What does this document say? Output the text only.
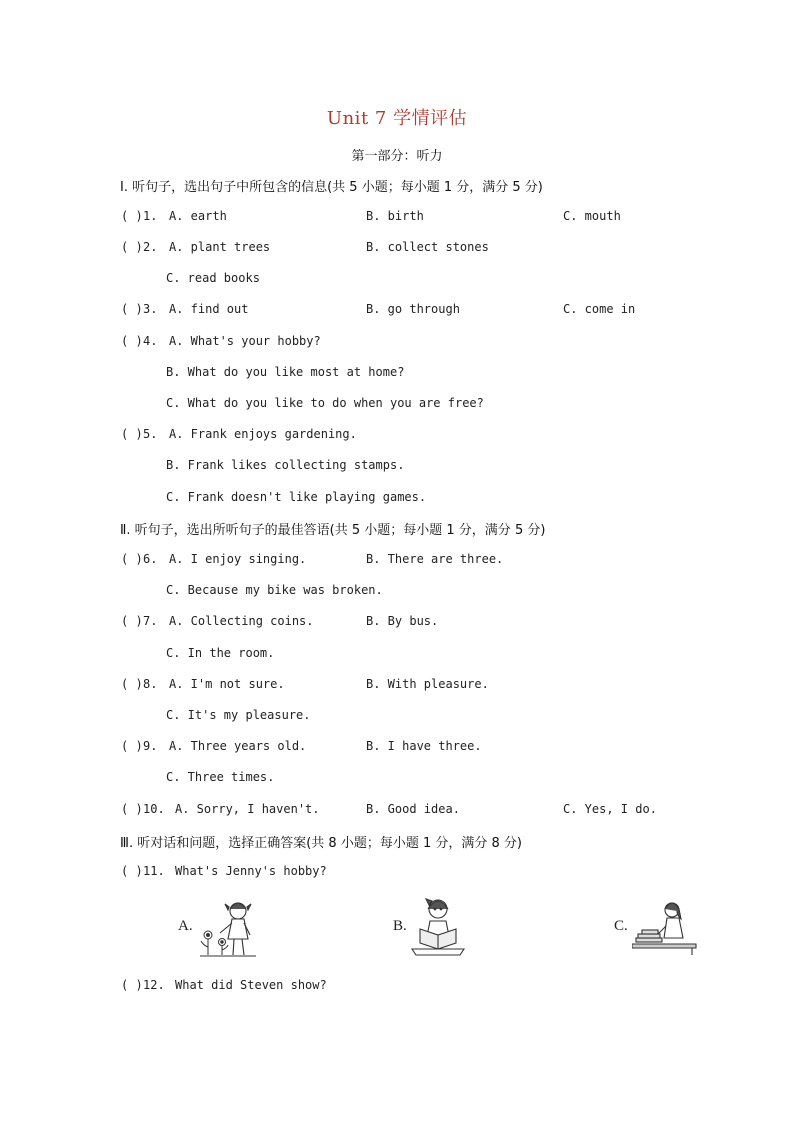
Unit 7 学情评估
第一部分：听力
Ⅰ. 听句子，选出句子中所包含的信息(共 5 小题；每小题 1 分，满分 5 分)
( ) 1. A. earth	B. birth	C. mouth
( ) 2. A. plant trees	B. collect stones
C. read books
( ) 3. A. find out	B. go through	C. come in
( ) 4. A. What's your hobby?
B. What do you like most at home?
C. What do you like to do when you are free?
( ) 5. A. Frank enjoys gardening.
B. Frank likes collecting stamps.
C. Frank doesn't like playing games.
Ⅱ. 听句子，选出所听句子的最佳答语(共 5 小题；每小题 1 分，满分 5 分)
( ) 6. A. I enjoy singing.	B. There are three.
C. Because my bike was broken.
( ) 7. A. Collecting coins.	B. By bus.
C. In the room.
( ) 8. A. I'm not sure.	B. With pleasure.
C. It's my pleasure.
( ) 9. A. Three years old.	B. I have three.
C. Three times.
( ) 10. A. Sorry, I haven't.	B. Good idea.	C. Yes, I do.
Ⅲ. 听对话和问题，选择正确答案(共 8 小题；每小题 1 分，满分 8 分)
( ) 11. What's Jenny's hobby?
A.	B.	C.
( ) 12. What did Steven show?
